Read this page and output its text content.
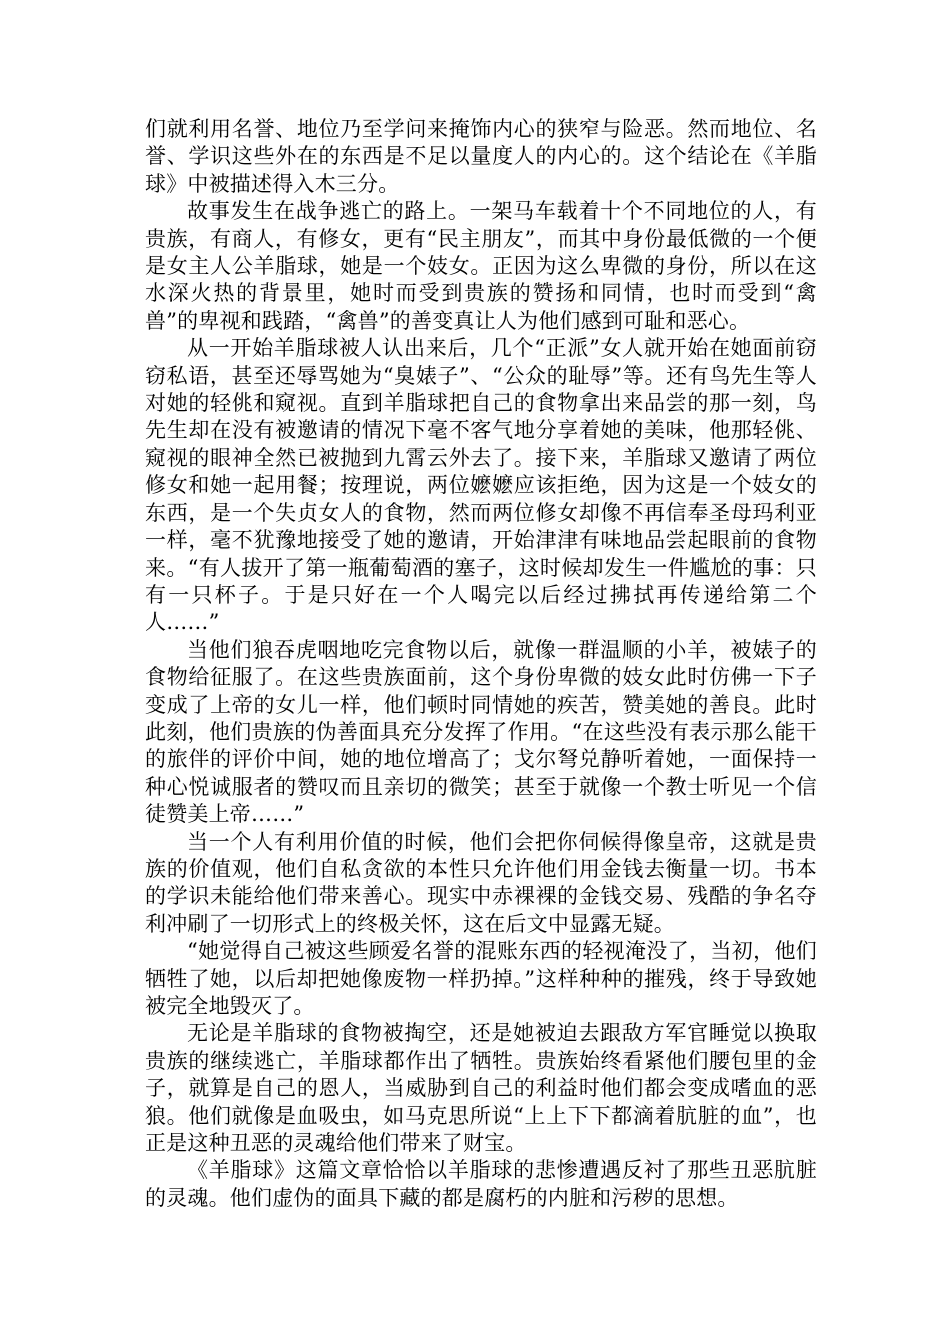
们就利用名誉、地位乃至学问来掩饰内心的狭窄与险恶。然而地位、名誉、学识这些外在的东西是不足以量度人的内心的。这个结论在《羊脂球》中被描述得入木三分。

故事发生在战争逃亡的路上。一架马车载着十个不同地位的人，有贵族，有商人，有修女，更有“民主朋友”，而其中身份最低微的一个便是女主人公羊脂球，她是一个妓女。正因为这么卑微的身份，所以在这水深火热的背景里，她时而受到贵族的赞扬和同情，也时而受到“禽兽”的卑视和践踏，“禽兽”的善变真让人为他们感到可耻和恶心。

从一开始羊脂球被人认出来后，几个“正派”女人就开始在她面前窃窃私语，甚至还辱骂她为“臭婊子”、“公众的耻辱”等。还有鸟先生等人对她的轻佻和窥视。直到羊脂球把自己的食物拿出来品尝的那一刻，鸟先生却在没有被邀请的情况下毫不客气地分享着她的美味，他那轻佻、窥视的眼神全然已被抛到九霄云外去了。接下来，羊脂球又邀请了两位修女和她一起用餐；按理说，两位嬷嬷应该拒绝，因为这是一个妓女的东西，是一个失贞女人的食物，然而两位修女却像不再信奉圣母玛利亚一样，毫不犹豫地接受了她的邀请，开始津津有味地品尝起眼前的食物来。“有人拔开了第一瓶葡萄酒的塞子，这时候却发生一件尴尬的事：只有一只杯子。于是只好在一个人喝完以后经过拂拭再传递给第二个人……”

当他们狼吞虎咽地吃完食物以后，就像一群温顺的小羊，被婊子的食物给征服了。在这些贵族面前，这个身份卑微的妓女此时仿佛一下子变成了上帝的女儿一样，他们顿时同情她的疾苦，赞美她的善良。此时此刻，他们贵族的伪善面具充分发挥了作用。“在这些没有表示那么能干的旅伴的评价中间，她的地位增高了；戈尔弩兑静听着她，一面保持一种心悦诚服者的赞叹而且亲切的微笑；甚至于就像一个教士听见一个信徒赞美上帝……”

当一个人有利用价值的时候，他们会把你伺候得像皇帝，这就是贵族的价值观，他们自私贪欲的本性只允许他们用金钱去衡量一切。书本的学识未能给他们带来善心。现实中赤裸裸的金钱交易、残酷的争名夺利冲刷了一切形式上的终极关怀，这在后文中显露无疑。

“她觉得自己被这些顾爱名誉的混账东西的轻视淹没了，当初，他们牺牲了她，以后却把她像废物一样扔掉。”这样种种的摧残，终于导致她被完全地毁灭了。

无论是羊脂球的食物被掏空，还是她被迫去跟敌方军官睡觉以换取贵族的继续逃亡，羊脂球都作出了牺牲。贵族始终看紧他们腰包里的金子，就算是自己的恩人，当威胁到自己的利益时他们都会变成嗜血的恶狼。他们就像是血吸虫，如马克思所说“上上下下都滴着肮脏的血”，也正是这种丑恶的灵魂给他们带来了财宝。

《羊脂球》这篇文章恰恰以羊脂球的悲惨遭遇反衬了那些丑恶肮脏的灵魂。他们虚伪的面具下藏的都是腐朽的内脏和污秽的思想。
